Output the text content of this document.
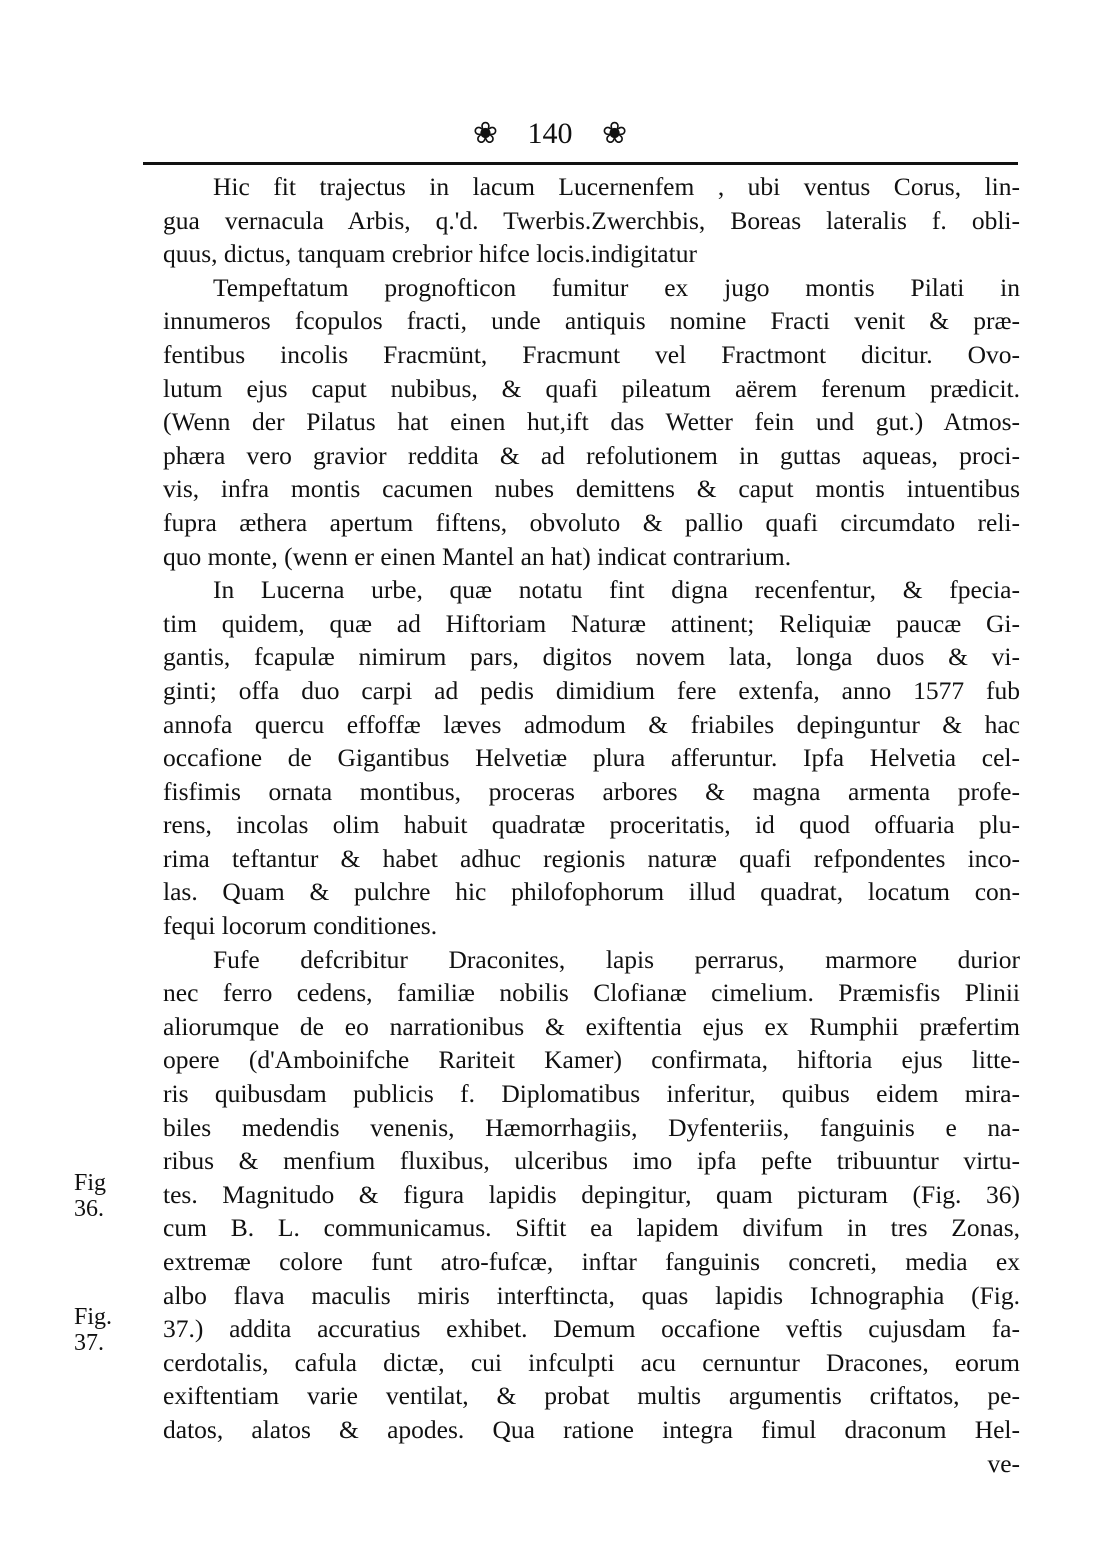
❀ 140 ❀
Fig
36.
Fig.
37.
Hic fit trajectus in lacum Lucernenfem , ubi ventus Corus, lin-
gua vernacula Arbis, q.'d. Twerbis.Zwerchbis, Boreas lateralis f. obli-
quus, dictus, tanquam crebrior hifce locis.indigitatur
Tempeftatum prognofticon fumitur ex jugo montis Pilati in
innumeros fcopulos fracti, unde antiquis nomine Fracti venit & præ-
fentibus incolis Fracmünt, Fracmunt vel Fractmont dicitur. Ovo-
lutum ejus caput nubibus, & quafi pileatum aërem ferenum prædicit.
(Wenn der Pilatus hat einen hut,ift das Wetter fein und gut.) Atmos-
phæra vero gravior reddita & ad refolutionem in guttas aqueas, proci-
vis, infra montis cacumen nubes demittens & caput montis intuentibus
fupra æthera apertum fiftens, obvoluto & pallio quafi circumdato reli-
quo monte, (wenn er einen Mantel an hat) indicat contrarium.
In Lucerna urbe, quæ notatu fint digna recenfentur, & fpecia-
tim quidem, quæ ad Hiftoriam Naturæ attinent; Reliquiæ paucæ Gi-
gantis, fcapulæ nimirum pars, digitos novem lata, longa duos & vi-
ginti; offa duo carpi ad pedis dimidium fere extenfa, anno 1577 fub
annofa quercu effoffæ læves admodum & friabiles depinguntur & hac
occafione de Gigantibus Helvetiæ plura afferuntur. Ipfa Helvetia cel-
fisfimis ornata montibus, proceras arbores & magna armenta profe-
rens, incolas olim habuit quadratæ proceritatis, id quod offuaria plu-
rima teftantur & habet adhuc regionis naturæ quafi refpondentes inco-
las. Quam & pulchre hic philofophorum illud quadrat, locatum con-
fequi locorum conditiones.
Fufe defcribitur Draconites, lapis perrarus, marmore durior
nec ferro cedens, familiæ nobilis Clofianæ cimelium. Præmisfis Plinii
aliorumque de eo narrationibus & exiftentia ejus ex Rumphii præfertim
opere (d'Amboinifche Rariteit Kamer) confirmata, hiftoria ejus litte-
ris quibusdam publicis f. Diplomatibus inferitur, quibus eidem mira-
biles medendis venenis, Hæmorrhagiis, Dyfenteriis, fanguinis e na-
ribus & menfium fluxibus, ulceribus imo ipfa pefte tribuuntur virtu-
tes. Magnitudo & figura lapidis depingitur, quam picturam (Fig. 36)
cum B. L. communicamus. Siftit ea lapidem divifum in tres Zonas,
extremæ colore funt atro-fufcæ, inftar fanguinis concreti, media ex
albo flava maculis miris interftincta, quas lapidis Ichnographia (Fig.
37.) addita accuratius exhibet. Demum occafione veftis cujusdam fa-
cerdotalis, cafula dictæ, cui infculpti acu cernuntur Dracones, eorum
exiftentiam varie ventilat, & probat multis argumentis criftatos, pe-
datos, alatos & apodes. Qua ratione integra fimul draconum Hel-
ve-
